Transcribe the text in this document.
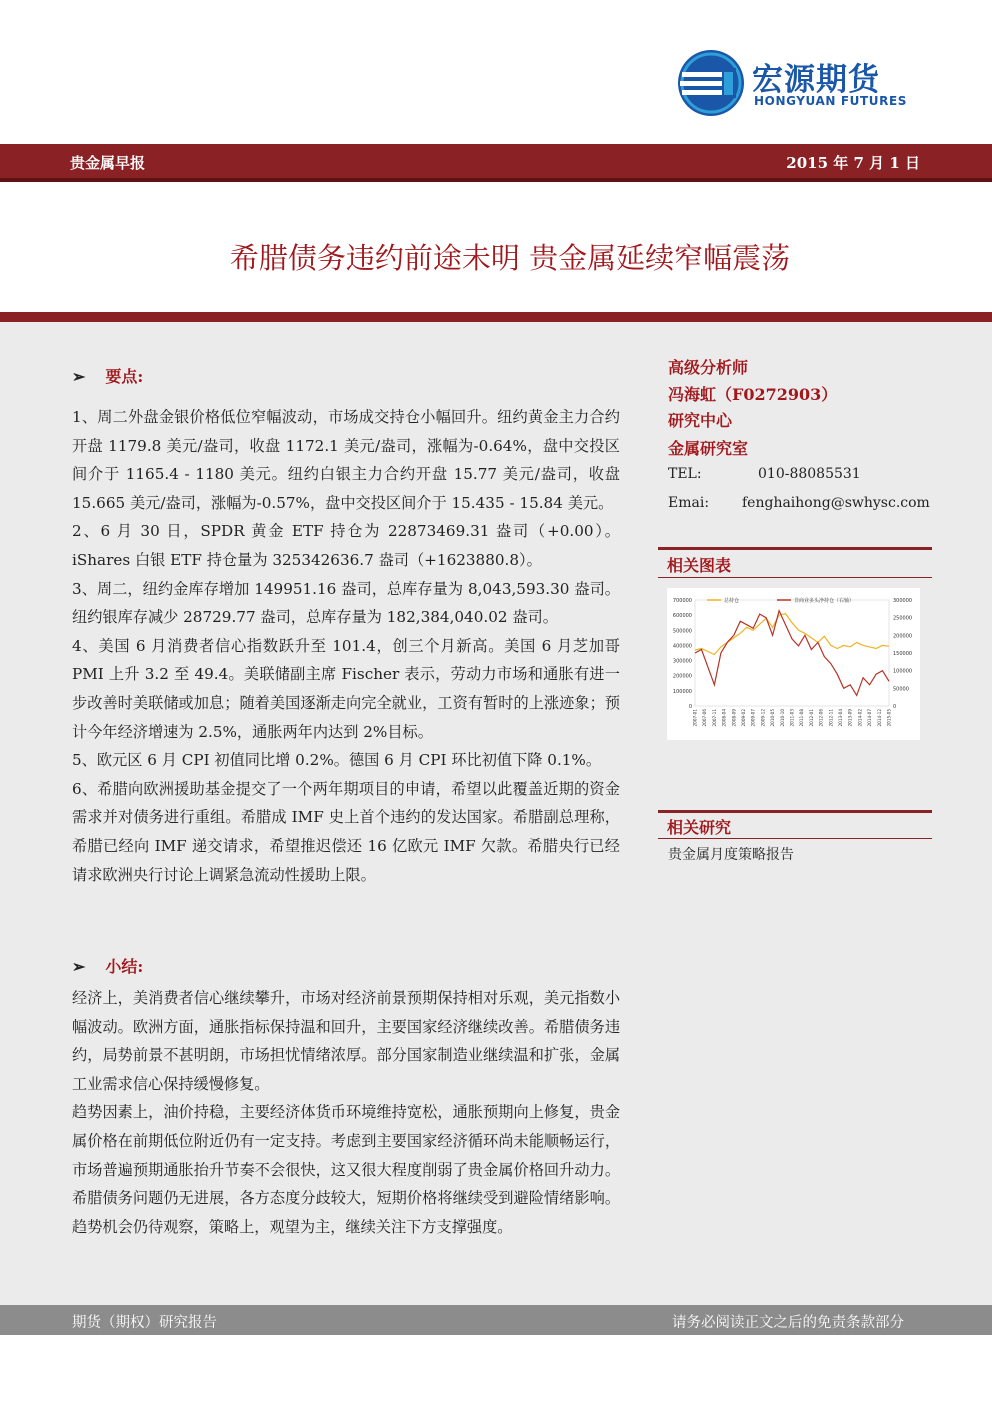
宏源期货
HONGYUAN FUTURES
贵金属早报	2015 年 7 月 1 日
希腊债务违约前途未明 贵金属延续窄幅震荡
➢ 要点:
1、周二外盘金银价格低位窄幅波动，市场成交持仓小幅回升。纽约黄金主力合约开盘 1179.8 美元/盎司，收盘 1172.1 美元/盎司，涨幅为-0.64%，盘中交投区间介于 1165.4 - 1180 美元。纽约白银主力合约开盘 15.77 美元/盎司，收盘 15.665 美元/盎司，涨幅为-0.57%，盘中交投区间介于 15.435 - 15.84 美元。
2、6 月 30 日，SPDR 黄金 ETF 持仓为 22873469.31 盎司（+0.00）。iShares 白银 ETF 持仓量为 325342636.7 盎司（+1623880.8）。
3、周二，纽约金库存增加 149951.16 盎司，总库存量为 8,043,593.30 盎司。纽约银库存减少 28729.77 盎司，总库存量为 182,384,040.02 盎司。
4、美国 6 月消费者信心指数跃升至 101.4，创三个月新高。美国 6 月芝加哥 PMI 上升 3.2 至 49.4。美联储副主席 Fischer 表示，劳动力市场和通胀有进一步改善时美联储或加息；随着美国逐渐走向完全就业，工资有暂时的上涨迹象；预计今年经济增速为 2.5%，通胀两年内达到 2%目标。
5、欧元区 6 月 CPI 初值同比增 0.2%。德国 6 月 CPI 环比初值下降 0.1%。
6、希腊向欧洲援助基金提交了一个两年期项目的申请，希望以此覆盖近期的资金需求并对债务进行重组。希腊成 IMF 史上首个违约的发达国家。希腊副总理称，希腊已经向 IMF 递交请求，希望推迟偿还 16 亿欧元 IMF 欠款。希腊央行已经请求欧洲央行讨论上调紧急流动性援助上限。
➢ 小结:
经济上，美消费者信心继续攀升，市场对经济前景预期保持相对乐观，美元指数小幅波动。欧洲方面，通胀指标保持温和回升，主要国家经济继续改善。希腊债务违约，局势前景不甚明朗，市场担忧情绪浓厚。部分国家制造业继续温和扩张，金属工业需求信心保持缓慢修复。
趋势因素上，油价持稳，主要经济体货币环境维持宽松，通胀预期向上修复，贵金属价格在前期低位附近仍有一定支持。考虑到主要国家经济循环尚未能顺畅运行，市场普遍预期通胀抬升节奏不会很快，这又很大程度削弱了贵金属价格回升动力。希腊债务问题仍无进展，各方态度分歧较大，短期价格将继续受到避险情绪影响。趋势机会仍待观察，策略上，观望为主，继续关注下方支撑强度。
高级分析师
冯海虹（F0272903）
研究中心
金属研究室
TEL:	010-88085531
Emai: fenghaihong@swhysc.com
相关图表
700000
600000
500000
400000
300000
200000
100000
0
300000
250000
200000
150000
100000
50000
0
2007-01 2007-06 2007-11 2008-04 2008-09 2009-02 2009-07 2009-12 2010-05 2010-10 2011-03 2011-08 2012-01 2012-06 2012-11 2013-04 2013-09 2014-02 2014-07 2014-12 2015-05
总持仓	非商业多头净持仓（右轴）
相关研究
贵金属月度策略报告
期货（期权）研究报告	请务必阅读正文之后的免责条款部分
